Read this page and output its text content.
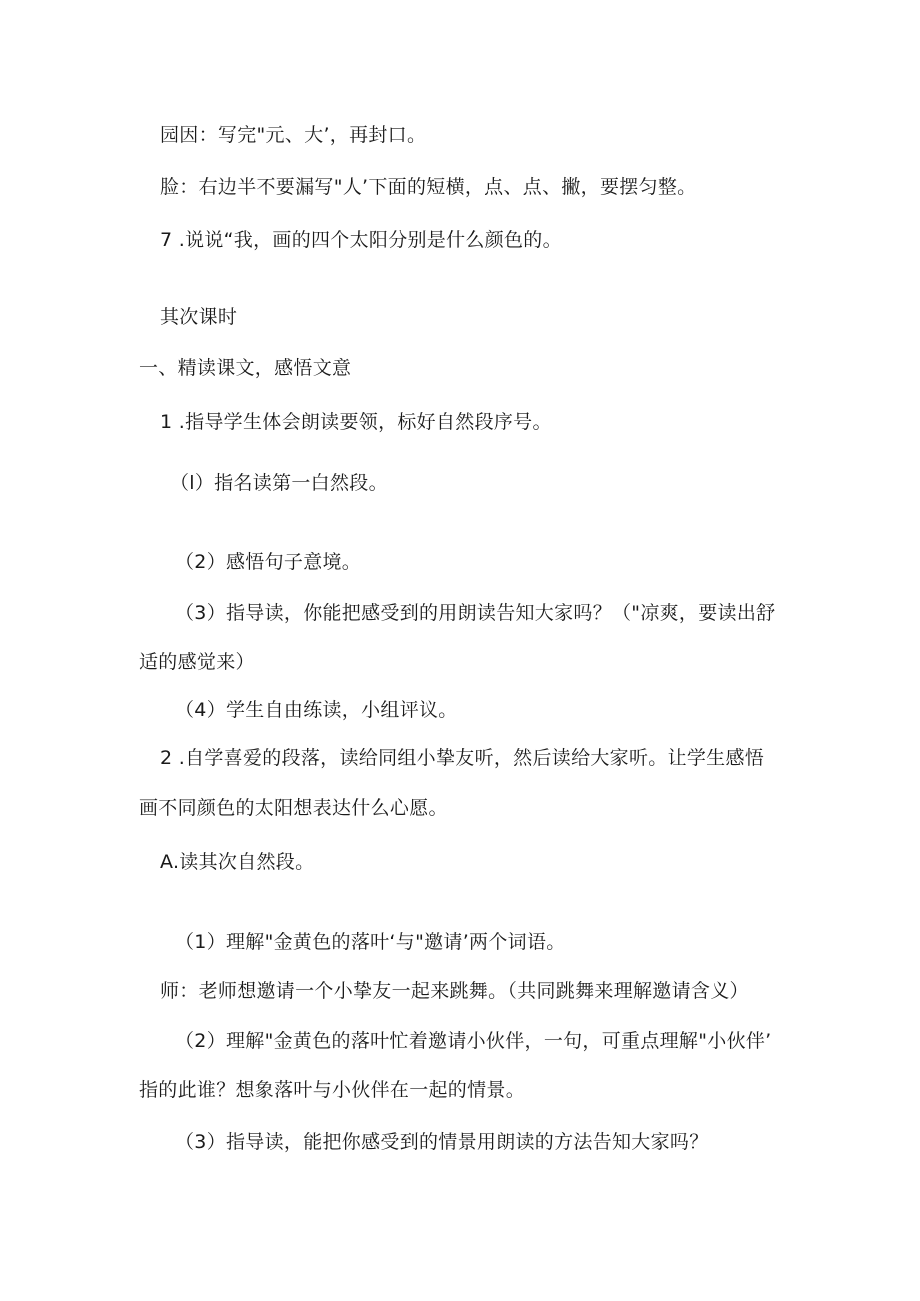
园因：写完"元、大’，再封口。
脸：右边半不要漏写"人’下面的短横，点、点、撇，要摆匀整。
7 .说说“我，画的四个太阳分别是什么颜色的。
其次课时
一、精读课文，感悟文意
1 .指导学生体会朗读要领，标好自然段序号。
（l）指名读第一白然段。
（2）感悟句子意境。
（3）指导读，你能把感受到的用朗读告知大家吗？（"凉爽，要读出舒
适的感觉来）
（4）学生自由练读，小组评议。
2 .自学喜爱的段落，读给同组小挚友听，然后读给大家听。让学生感悟
画不同颜色的太阳想表达什么心愿。
A.读其次自然段。
（1）理解"金黄色的落叶‘与"邀请’两个词语。
师：老师想邀请一个小挚友一起来跳舞。（共同跳舞来理解邀请含义）
（2）理解"金黄色的落叶忙着邀请小伙伴，一句，可重点理解"小伙伴’
指的此谁？想象落叶与小伙伴在一起的情景。
（3）指导读，能把你感受到的情景用朗读的方法告知大家吗？
